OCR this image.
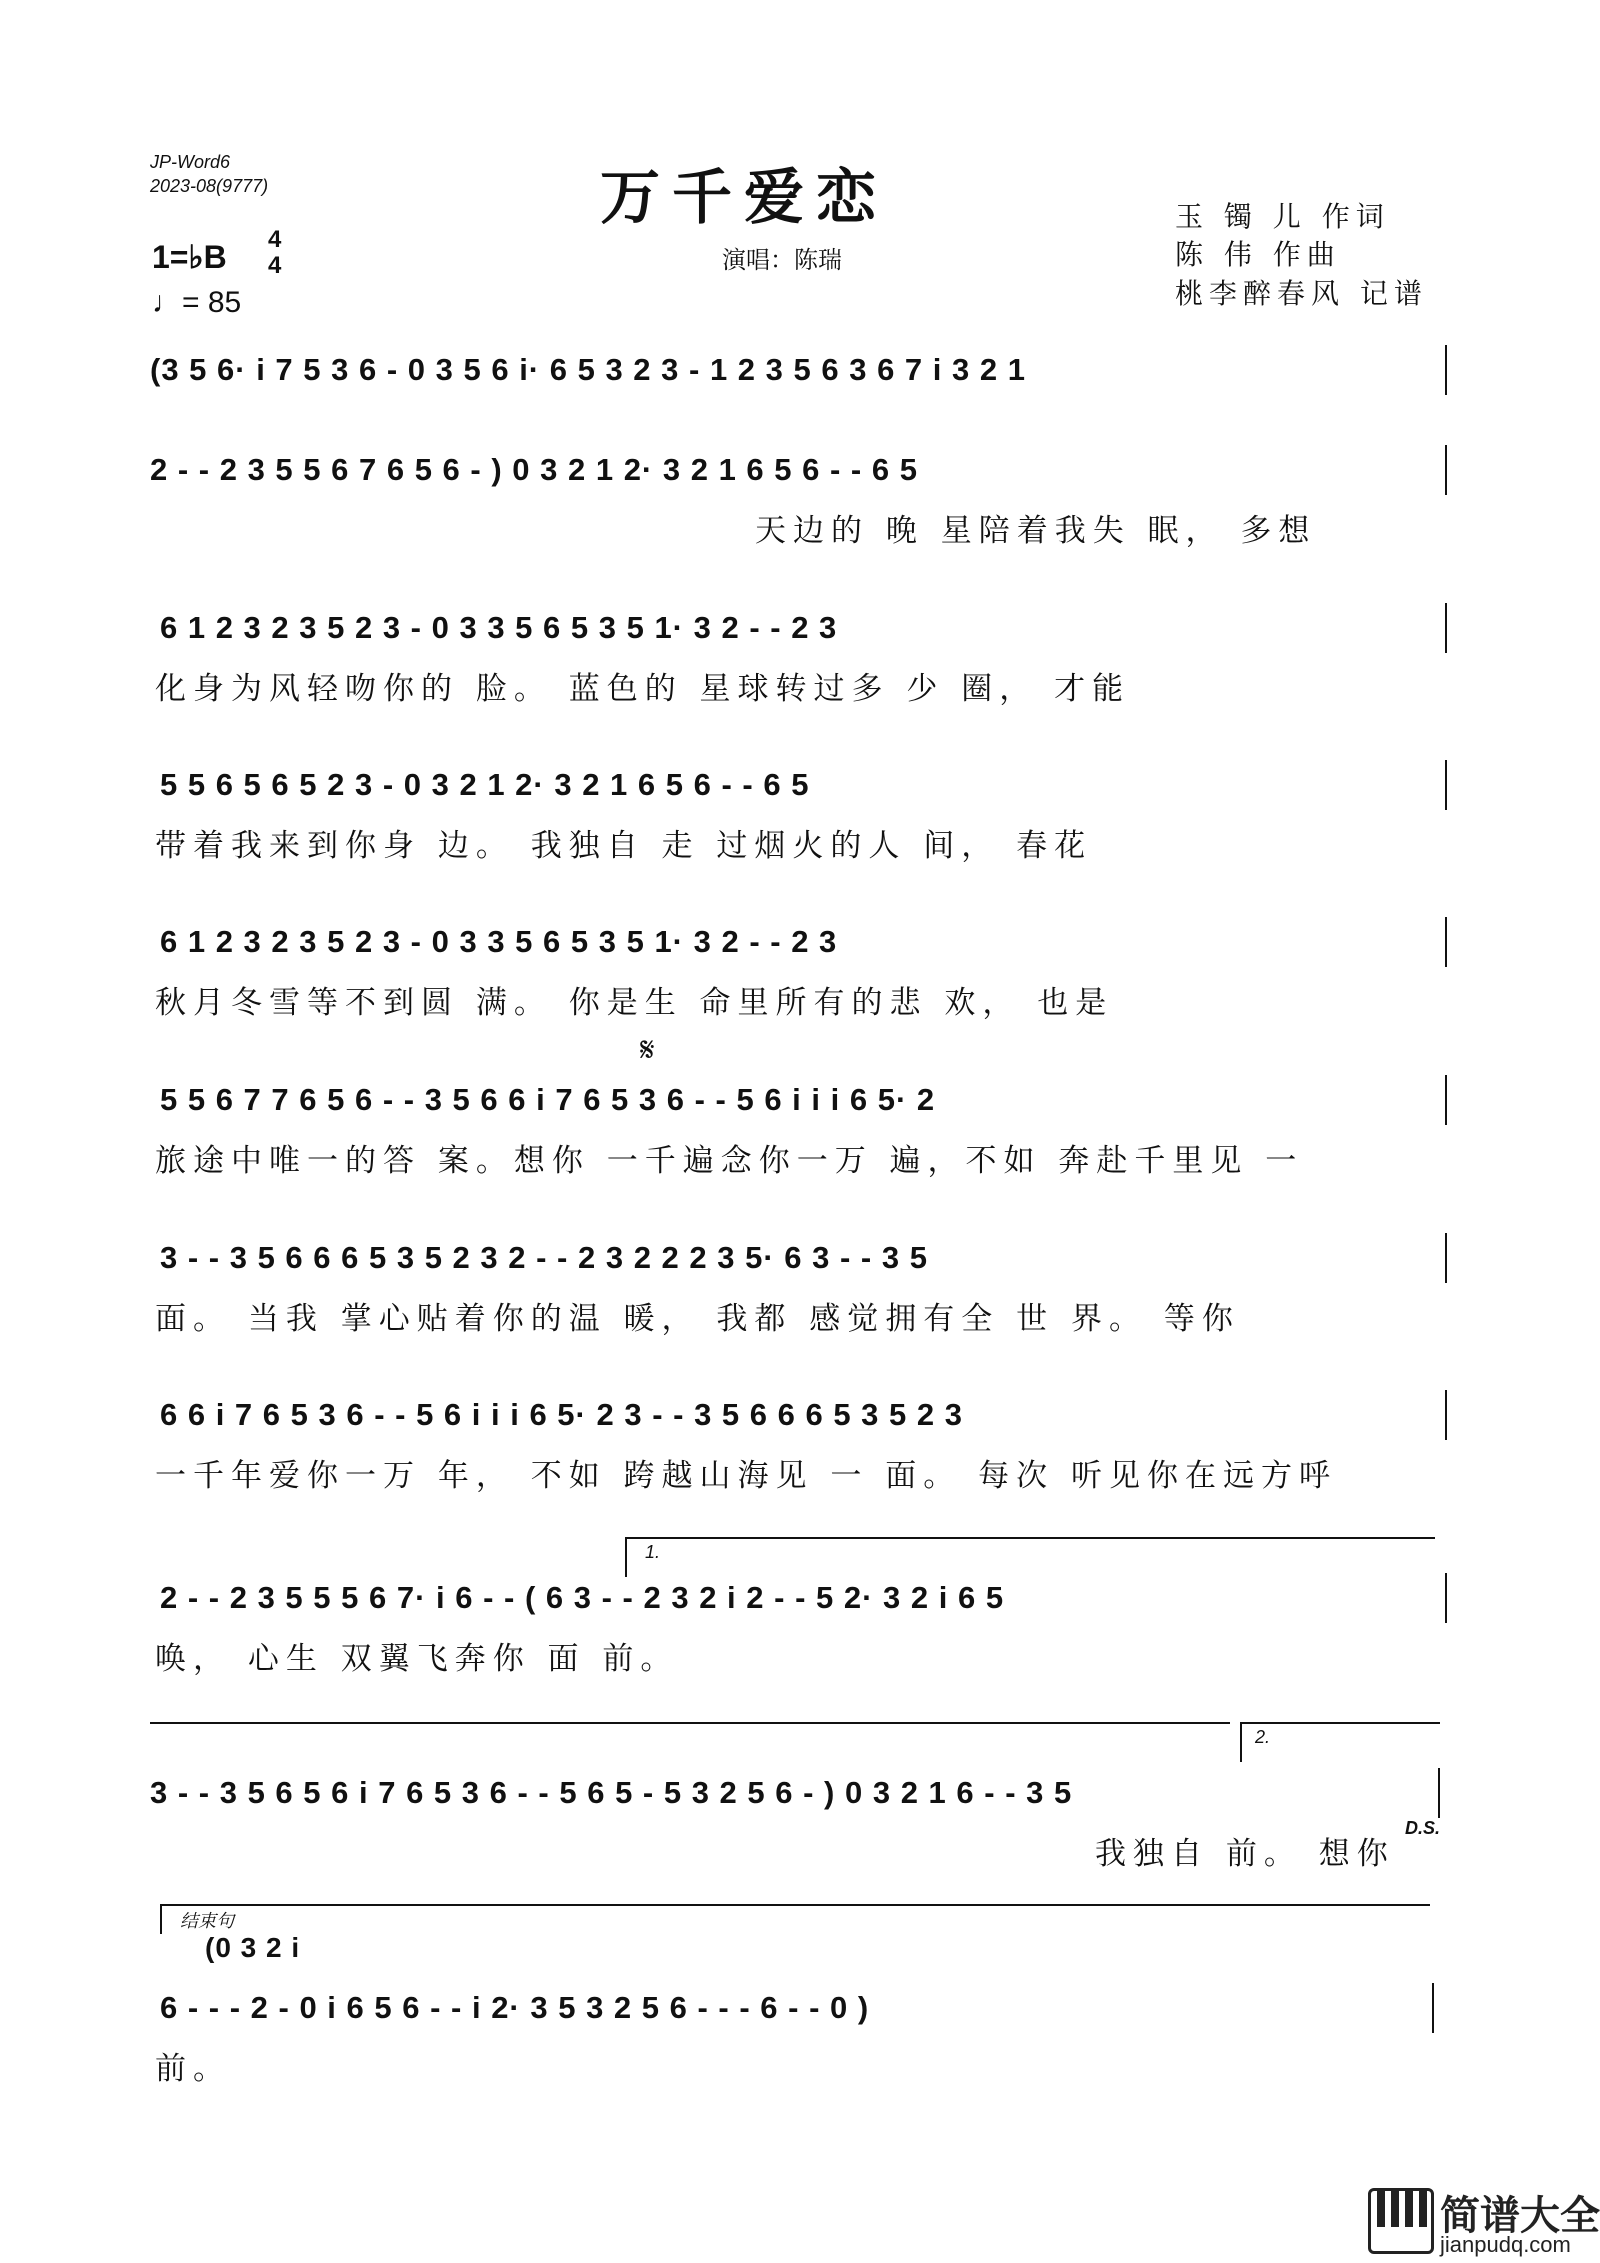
JP-Word6
2023-08(9777)	万千爱恋
演唱：陈瑞
玉 镯 儿 作词
陈 伟 作曲
桃李醉春风 记谱
1=♭B 4
4
♩= 85
(3 5 6· i 7 5 3 6 - 0 3 5 6 i· 6 5 3 2 3 - 1 2 3 5 6 3 6 7 i 3 2 1
2 - - 2 3 5 5 6 7 6 5 6 - ) 0 3 2 1 2· 3 2 1 6 5 6 - - 6 5
天边的 晚 星陪着我失 眠， 多想
6 1 2 3 2 3 5 2 3 - 0 3 3 5 6 5 3 5 1· 3 2 - - 2 3
化身为风轻吻你的 脸。 蓝色的 星球转过多 少 圈， 才能
5 5 6 5 6 5 2 3 - 0 3 2 1 2· 3 2 1 6 5 6 - - 6 5
带着我来到你身 边。 我独自 走 过烟火的人 间， 春花
6 1 2 3 2 3 5 2 3 - 0 3 3 5 6 5 3 5 1· 3 2 - - 2 3
秋月冬雪等不到圆 满。 你是生 命里所有的悲 欢， 也是
5 5 6 7 7 6 5 6 - - 3 5 6 6 i 7 6 5 3 6 - - 5 6 i i i 6 5· 2
旅途中唯一的答 案。想你 一千遍念你一万 遍，不如 奔赴千里见 一
3 - - 3 5 6 6 6 5 3 5 2 3 2 - - 2 3 2 2 2 3 5· 6 3 - - 3 5
面。 当我 掌心贴着你的温 暖， 我都 感觉拥有全 世 界。 等你
6 6 i 7 6 5 3 6 - - 5 6 i i i 6 5· 2 3 - - 3 5 6 6 6 5 3 5 2 3
一千年爱你一万 年， 不如 跨越山海见 一 面。 每次 听见你在远方呼
2 - - 2 3 5 5 5 6 7· i 6 - - ( 6 3 - - 2 3 2 i 2 - - 5 2· 3 2 i 6 5
唤， 心生 双翼飞奔你 面 前。
3 - - 3 5 6 5 6 i 7 6 5 3 6 - - 5 6 5 - 5 3 2 5 6 - ) 0 3 2 1 6 - - 3 5
我独自 前。 想你
6 - - - 2 - 0 i 6 5 6 - - i 2· 3 5 3 2 5 6 - - - 6 - - 0 )
前。
1.
2.
D.S.
𝄋
结束句
(0 3 2 i
简谱大全
jianpudq.com
